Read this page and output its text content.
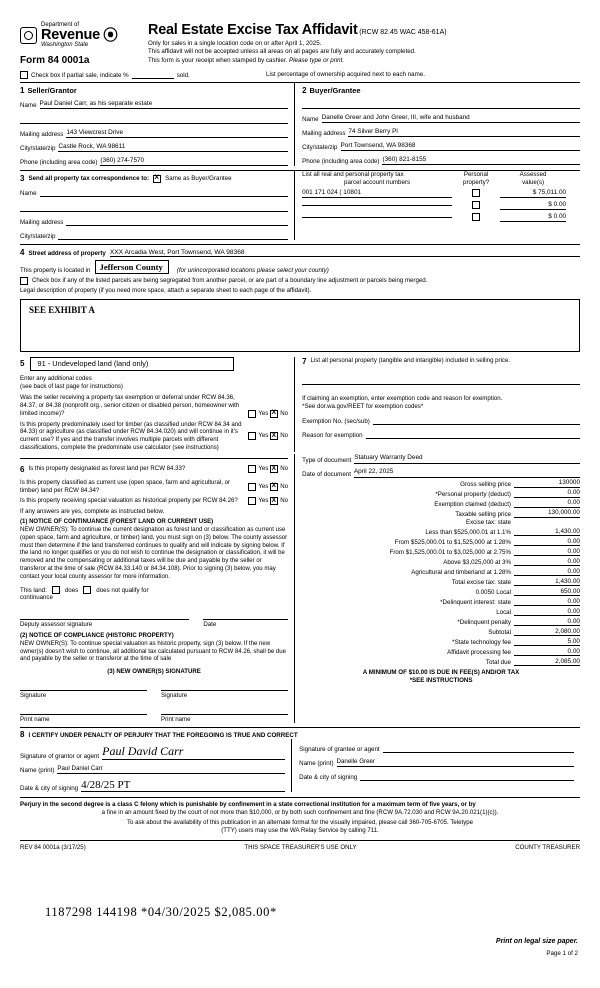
Department of
Revenue ⦿
Washington State
Form 84 0001a
Real Estate Excise Tax Affidavit (RCW 82.45 WAC 458-61A)
Only for sales in a single location code on or after April 1, 2025.
This affidavit will not be accepted unless all areas on all pages are fully and accurately completed.
This form is your receipt when stamped by cashier. Please type or print.
Check box if partial sale, indicate %
	sold.	List percentage of ownership acquired next to each name.
1 Seller/Grantor
Name Paul Daniel Carr, as his separate estate
Mailing address 143 Viewcrest Drive
City/state/zip Castle Rock, WA 98611
Phone (including area code) (360) 274-7570
2 Buyer/Grantee
Name Danelle Greer and John Greer, III, wife and husband
Mailing address 74 Silver Berry Pl
City/state/zip Port Townsend, WA 98368
Phone (including area code) (360) 821-8155
3 Send all property tax correspondence to: X	Same as Buyer/Grantee
Name
Mailing address
City/state/zip
List all real and personal property tax
parcel account numbers
Personal
property?
Assessed
value(s)
001 171 024 ( 10801	$ 75,011.00
$ 0.00
$ 0.00
4 Street address of property XXX Arcadia West, Port Townsend, WA 98368
This property is located in	Jefferson County	(for unincorporated locations please select your county)
Check box if any of the listed parcels are being segregated from another parcel, or are part of a boundary line adjustment or parcels being merged.
Legal description of property (if you need more space, attach a separate sheet to each page of the affidavit).
SEE EXHIBIT A
5	91 - Undeveloped land (land only)
Enter any additional codes
(see back of last page for instructions)
Was the seller receiving a property tax exemption or deferral under RCW 84.36, 84.37, or 84.38 (nonprofit org., senior citizen or disabled person, homeowner with limited income)?	Yes X No
Is this property predominately used for timber (as classified under RCW 84.34 and 84.33) or agriculture (as classified under RCW 84.34.020) and will continue in it's current use? If yes and the transfer involves multiple parcels with different classifications, complete the predominate use calculator (see instructions)
Yes X No
7 List all personal property (tangible and intangible) included in selling price.
If claiming an exemption, enter exemption code and reason for exemption.
*See dor.wa.gov/REET for exemption codes*
Exemption No. (sec/sub)
Reason for exemption
6 Is this property designated as forest land per RCW 84.33?	Yes X No
Is this property classified as current use (open space, farm and agricultural, or timber) land per RCW 84.34?
Yes X No
Is this property receiving special valuation as historical property per RCW 84.26?	Yes X No
If any answers are yes, complete as instructed below.
(1) NOTICE OF CONTINUANCE (FOREST LAND OR CURRENT USE)
NEW OWNER(S): To continue the current designation as forest land or classification as current use (open space, farm and agriculture, or timber) land, you must sign on (3) below. The county assessor must then determine if the land transferred continues to qualify and will indicate by signing below. If the land no longer qualifies or you do not wish to continue the designation or classification, it will be removed and the compensating or additional taxes will be due and payable by the seller or transferor at the time of sale (RCW 84.33.140 or 84.34.108). Prior to signing (3) below, you may contact your local county assessor for more information.
This land:	does	does not qualify for
continuance
Deputy assessor signature	Date
(2) NOTICE OF COMPLIANCE (HISTORIC PROPERTY)
NEW OWNER(S): To continue special valuation as historic property, sign (3) below. If the new owner(s) doesn't wish to continue, all additional tax calculated pursuant to RCW 84.26, shall be due and payable by the seller or transferor at the time of sale
(3) NEW OWNER(S) SIGNATURE
Signature	Signature
Print name	Print name
Type of document Statuary Warranty Deed
Date of document April 22, 2025
Gross selling price	130000
*Personal property (deduct)	0.00
Exemption claimed (deduct)	0.00
Taxable selling price	130,000.00
Excise tax: state
Less than $525,000.01 at 1.1%	1,430.00
From $525,000.01 to $1,525,000 at 1.28%	0.00
From $1,525,000.01 to $3,025,000 at 2.75%	0.00
Above $3,025,000 at 3%	0.00
Agricultural and timberland at 1.28%	0.00
Total excise tax: state	1,430.00
0.0050 Local	650.00
*Delinquent interest: state	0.00
Local	0.00
*Delinquent penalty	0.00
Subtotal	2,080.00
*State technology fee	5.00
Affidavit processing fee	0.00
Total due	2,085.00
A MINIMUM OF $10.00 IS DUE IN FEE(S) AND/OR TAX
*SEE INSTRUCTIONS
8 I CERTIFY UNDER PENALTY OF PERJURY THAT THE FOREGOING IS TRUE AND CORRECT
Signature of grantor or agent Paul David Carr
Name (print) Paul Daniel Carr
Date & city of signing 4/28/25 PT
Signature of grantee or agent
Name (print) Danelle Greer
Date & city of signing
Perjury in the second degree is a class C felony which is punishable by confinement in a state correctional institution for a maximum term of five years, or by
a fine in an amount fixed by the court of not more than $10,000, or by both such confinement and fine (RCW 9A.72.030 and RCW 9A.20.021(1)(c)).
To ask about the availability of this publication in an alternate format for the visually impaired, please call 360-705-6705. Teletype
(TTY) users may use the WA Relay Service by calling 711.
REV 84 0001a (3/17/25)	THIS SPACE TREASURER'S USE ONLY	COUNTY TREASURER
1187298 144198 *04/30/2025 $2,085.00*
Print on legal size paper.
Page 1 of 2
